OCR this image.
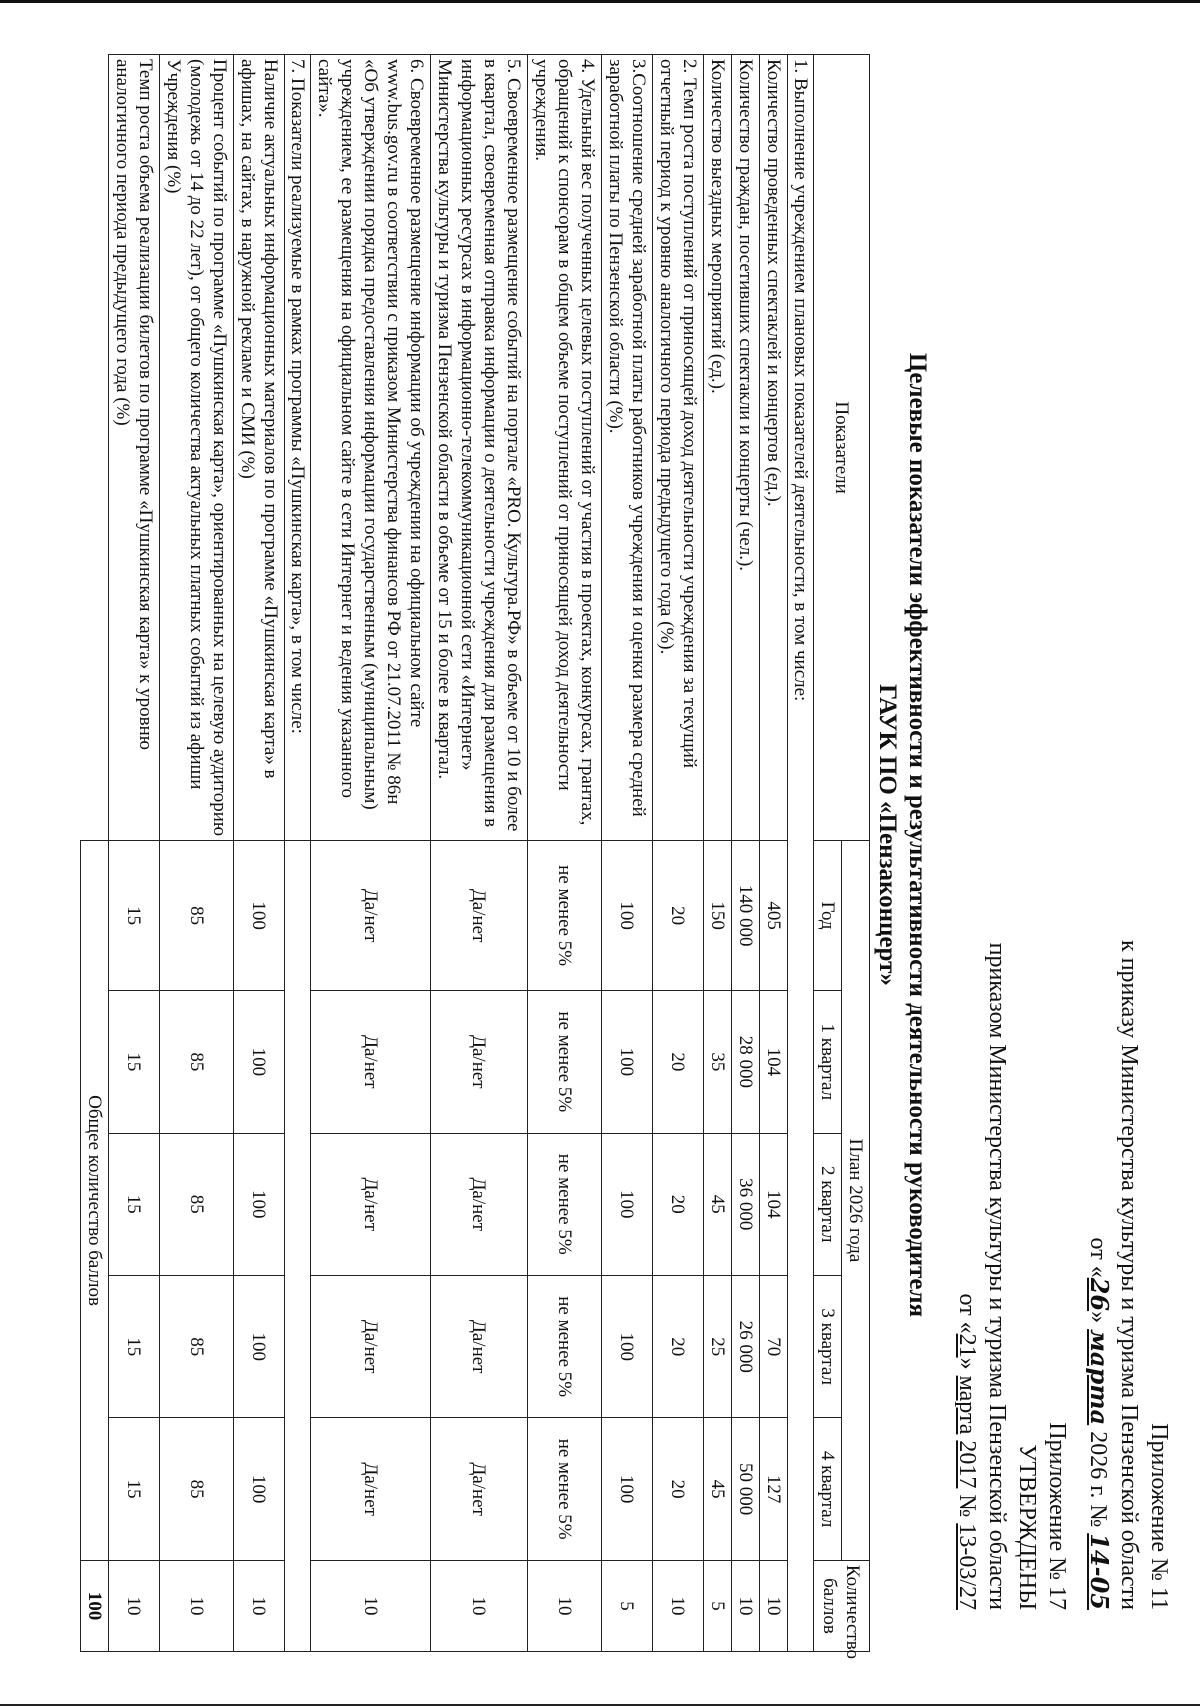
Приложение № 11
к приказу Министерства культуры и туризма Пензенской области
от «26» марта 2026 г. № 14-05
Приложение № 17
УТВЕРЖДЕНЫ
приказом Министерства культуры и туризма Пензенской области
от «21» марта 2017 № 13-03/27
Целевые показатели эффективности и результативности деятельности руководителя
ГАУК ПО «Пензаконцерт»
Показатели	План 2026 года					Количество баллов
	Год	1 квартал	2 квартал	3 квартал	4 квартал	
1. Выполнение учреждением плановых показателей деятельности, в том числе:						
Количество проведенных спектаклей и концертов (ед.).	405	104	104	70	127	10
Количество граждан, посетивших спектакли и концерты (чел.).	140 000	28 000	36 000	26 000	50 000	10
Количество выездных мероприятий (ед.).	150	35	45	25	45	5
2. Темп роста поступлений от приносящей доход деятельности учреждения за текущий отчетный период к уровню аналогичного периода предыдущего года (%).	20	20	20	20	20	10
3.Соотношение средней заработной платы работников учреждения и оценки размера средней заработной платы по Пензенской области (%).	100	100	100	100	100	5
4. Удельный вес полученных целевых поступлений от участия в проектах, конкурсах, грантах, обращений к спонсорам в общем объеме поступлений от приносящей доход деятельности учреждения.	не менее 5%	не менее 5%	не менее 5%	не менее 5%	не менее 5%	10
5. Своевременное размещение событий на портале «PRO. Культура.РФ» в объеме от 10 и более в квартал, своевременная отправка информации о деятельности учреждения для размещения в информационных ресурсах в информационно-телекоммуникационной сети «Интернет» Министерства культуры и туризма Пензенской области в объеме от 15 и более в квартал.	Да/нет	Да/нет	Да/нет	Да/нет	Да/нет	10
6. Своевременное размещение информации об учреждении на официальном сайте www.bus.gov.ru в соответствии с приказом Министерства финансов РФ от 21.07.2011 № 86н «Об утверждении порядка предоставления информации государственным (муниципальным) учреждением, ее размещения на официальном сайте в сети Интернет и ведения указанного сайта».	Да/нет	Да/нет	Да/нет	Да/нет	Да/нет	10
7. Показатели реализуемые в рамках программы «Пушкинская карта», в том числе:						
Наличие актуальных информационных материалов по программе «Пушкинская карта» в афишах, на сайтах, в наружной рекламе и СМИ (%)	100	100	100	100	100	10
Процент событий по программе «Пушкинская карта», ориентированных на целевую аудиторию (молодежь от 14 до 22 лет), от общего количества актуальных платных событий из афиши Учреждения (%)	85	85	85	85	85	10
Темп роста объема реализации билетов по программе «Пушкинская карта» к уровню аналогичного периода предыдущего года (%)	15	15	15	15	15	10
	Общее количество баллов					100
